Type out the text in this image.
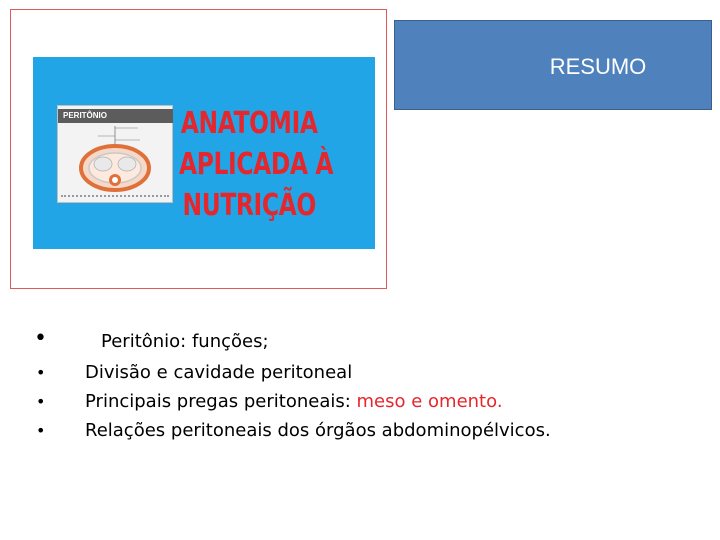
PERITÔNIO	ANATOMIA
APLICADA À
NUTRIÇÃO
RESUMO
•	Peritônio: funções;
• Divisão e cavidade peritoneal
• Principais pregas peritoneais: meso e omento.
• Relações peritoneais dos órgãos abdominopélvicos.
